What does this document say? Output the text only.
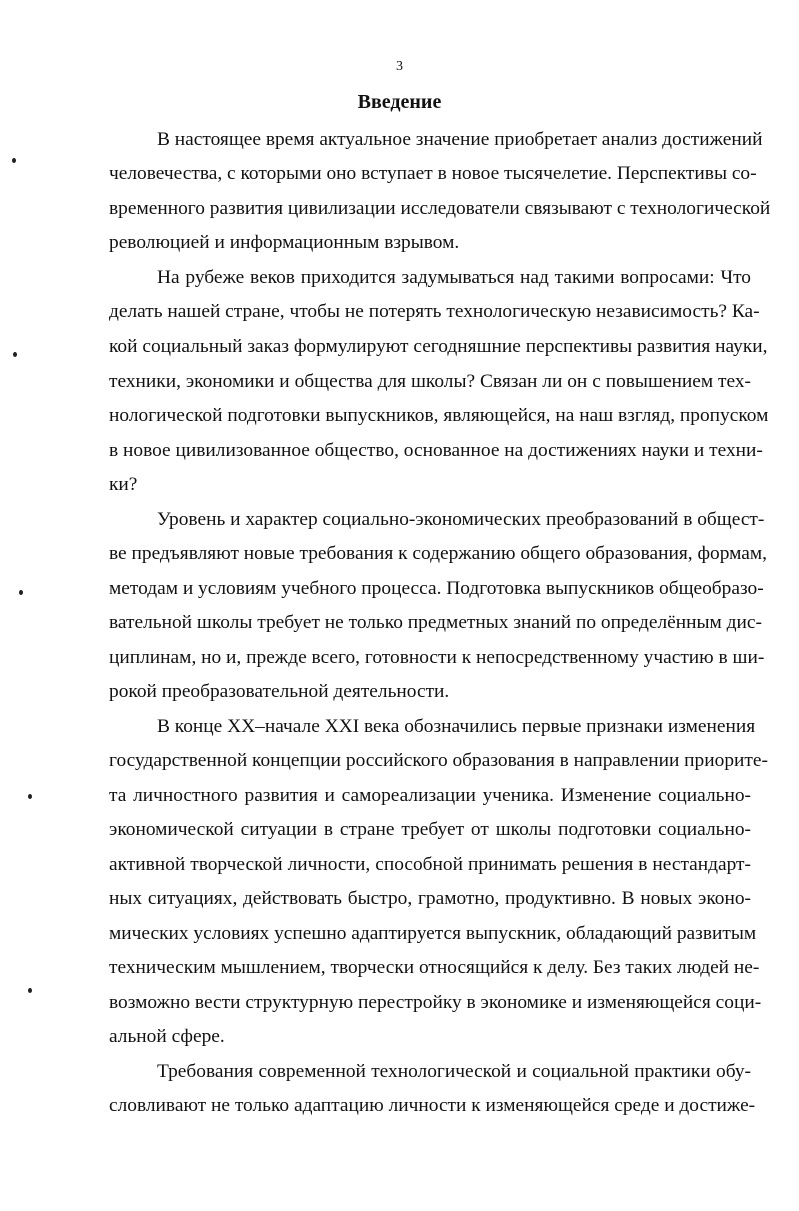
3
Введение
В настоящее время актуальное значение приобретает анализ достижений
человечества, с которыми оно вступает в новое тысячелетие. Перспективы со-
временного развития цивилизации исследователи связывают с технологической
революцией и информационным взрывом.
На рубеже веков приходится задумываться над такими вопросами: Что
делать нашей стране, чтобы не потерять технологическую независимость? Ка-
кой социальный заказ формулируют сегодняшние перспективы развития науки,
техники, экономики и общества для школы? Связан ли он с повышением тех-
нологической подготовки выпускников, являющейся, на наш взгляд, пропуском
в новое цивилизованное общество, основанное на достижениях науки и техни-
ки?
Уровень и характер социально-экономических преобразований в общест-
ве предъявляют новые требования к содержанию общего образования, формам,
методам и условиям учебного процесса. Подготовка выпускников общеобразо-
вательной школы требует не только предметных знаний по определённым дис-
циплинам, но и, прежде всего, готовности к непосредственному участию в ши-
рокой преобразовательной деятельности.
В конце XX–начале XXI века обозначились первые признаки изменения
государственной концепции российского образования в направлении приорите-
та личностного развития и самореализации ученика. Изменение социально-
экономической ситуации в стране требует от школы подготовки социально-
активной творческой личности, способной принимать решения в нестандарт-
ных ситуациях, действовать быстро, грамотно, продуктивно. В новых эконо-
мических условиях успешно адаптируется выпускник, обладающий развитым
техническим мышлением, творчески относящийся к делу. Без таких людей не-
возможно вести структурную перестройку в экономике и изменяющейся соци-
альной сфере.
Требования современной технологической и социальной практики обу-
словливают не только адаптацию личности к изменяющейся среде и достиже-
